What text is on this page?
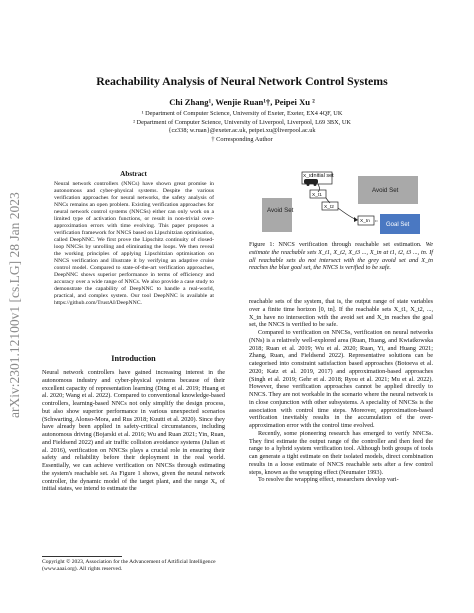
arXiv:2301.12100v1 [cs.LG] 28 Jan 2023
Reachability Analysis of Neural Network Control Systems
Chi Zhang¹, Wenjie Ruan¹†, Peipei Xu ²
¹ Department of Computer Science, University of Exeter, Exeter, EX4 4QF, UK
² Department of Computer Science, University of Liverpool, Liverpool, L69 3BX, UK
{cz338; w.ruan}@exeter.ac.uk, peipei.xu@liverpool.ac.uk
† Corresponding Author
Abstract
Neural network controllers (NNCs) have shown great promise in autonomous and cyber-physical systems. Despite the various verification approaches for neural networks, the safety analysis of NNCs remains an open problem. Existing verification approaches for neural network control systems (NNCSs) either can only work on a limited type of activation functions, or result in non-trivial over-approximation errors with time evolving. This paper proposes a verification framework for NNCS based on Lipschitzian optimisation, called DeepNNC. We first prove the Lipschitz continuity of closed-loop NNCSs by unrolling and eliminating the loops. We then reveal the working principles of applying Lipschitzian optimisation on NNCS verification and illustrate it by verifying an adaptive cruise control model. Compared to state-of-the-art verification approaches, DeepNNC shows superior performance in terms of efficiency and accuracy over a wide range of NNCs. We also provide a case study to demonstrate the capability of DeepNNC to handle a real-world, practical, and complex system. Our tool DeepNNC is available at https://github.com/TrustAI/DeepNNC.
Introduction

Neural network controllers have gained increasing interest in the autonomous industry and cyber-physical systems because of their excellent capacity of representation learning (Ding et al. 2019; Huang et al. 2020; Wang et al. 2022). Compared to conventional knowledge-based controllers, learning-based NNCs not only simplify the design process, but also show superior performance in various unexpected scenarios (Schwarting, Alonso-Mora, and Rus 2018; Kuutti et al. 2020). Since they have already been applied in safety-critical circumstances, including autonomous driving (Bojarski et al. 2016; Wu and Ruan 2021; Yin, Ruan, and Fieldsend 2022) and air traffic collision avoidance systems (Julian et al. 2016), verification on NNCSs plays a crucial role in ensuring their safety and reliability before their deployment in the real world. Essentially, we can achieve verification on NNCSs through estimating the system's reachable set. As Figure 1 shows, given the neural network controller, the dynamic model of the target plant, and the range X₀ of initial states, we intend to estimate the

Copyright © 2023, Association for the Advancement of Artificial Intelligence (www.aaai.org). All rights reserved.
Avoid Set
Avoid Set
Goal Set
Initial set
X_t0
X_t1
X_t2
X_tn
Figure 1: NNCS verification through reachable set estimation. We estimate the reachable sets X_t1, X_t2, X_t3 ..., X_tn at t1, t2, t3 ..., tn. If all reachable sets do not intersect with the grey avoid set and X_tn reaches the blue goal set, the NNCS is verified to be safe.

reachable sets of the system, that is, the output range of state variables over a finite time horizon [0, tn]. If the reachable sets X_t1, X_t2, ..., X_tn have no intersection with the avoid set and X_tn reaches the goal set, the NNCS is verified to be safe.

Compared to verification on NNCSs, verification on neural networks (NNs) is a relatively well-explored area (Ruan, Huang, and Kwiatkowska 2018; Ruan et al. 2019; Wu et al. 2020; Ruan, Yi, and Huang 2021; Zhang, Ruan, and Fieldsend 2022). Representative solutions can be categorised into constraint satisfaction based approaches (Botoeva et al. 2020; Katz et al. 2019, 2017) and approximation-based approaches (Singh et al. 2019; Gehr et al. 2018; Ryou et al. 2021; Mu et al. 2022). However, these verification approaches cannot be applied directly to NNCS. They are not workable in the scenario where the neural network is in close conjunction with other subsystems. A speciality of NNCSs is the association with control time steps. Moreover, approximation-based verification inevitably results in the accumulation of the over-approximation error with the control time evolved.

Recently, some pioneering research has emerged to verify NNCSs. They first estimate the output range of the controller and then feed the range to a hybrid system verification tool. Although both groups of tools can generate a tight estimate on their isolated models, direct combination results in a loose estimate of NNCS reachable sets after a few control steps, known as the wrapping effect (Neumaier 1993).

To resolve the wrapping effect, researchers develop vari-
